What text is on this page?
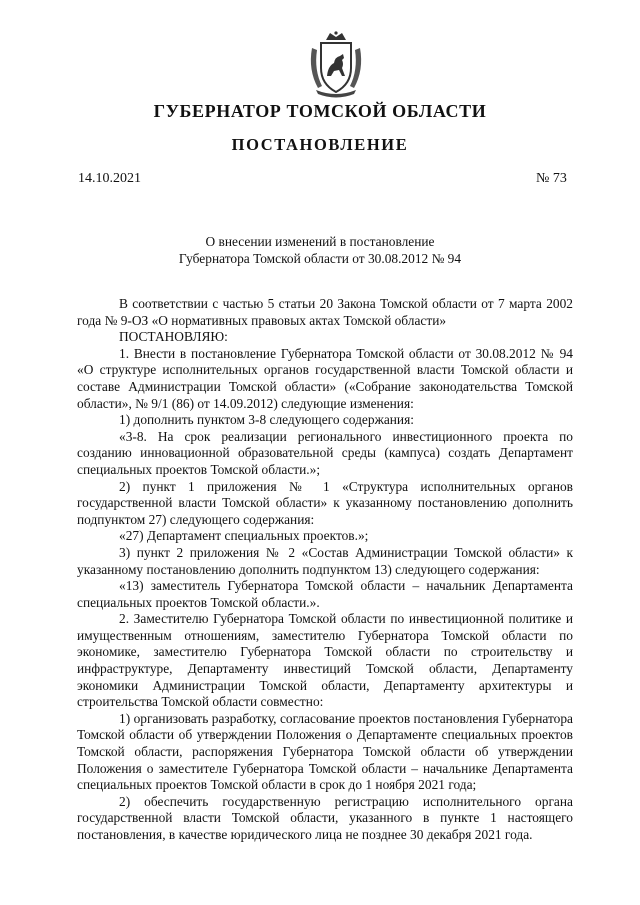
ГУБЕРНАТОР ТОМСКОЙ ОБЛАСТИ
ПОСТАНОВЛЕНИЕ
14.10.2021	№ 73
О внесении изменений в постановление
Губернатора Томской области от 30.08.2012 № 94

В соответствии с частью 5 статьи 20 Закона Томской области от 7 марта 2002 года № 9-ОЗ «О нормативных правовых актах Томской области»

ПОСТАНОВЛЯЮ:

1. Внести в постановление Губернатора Томской области от 30.08.2012 № 94 «О структуре исполнительных органов государственной власти Томской области и составе Администрации Томской области» («Собрание законодательства Томской области», № 9/1 (86) от 14.09.2012) следующие изменения:

1) дополнить пунктом 3-8 следующего содержания:

«3-8. На срок реализации регионального инвестиционного проекта по созданию инновационной образовательной среды (кампуса) создать Департамент специальных проектов Томской области.»;

2) пункт 1 приложения № 1 «Структура исполнительных органов государственной власти Томской области» к указанному постановлению дополнить подпунктом 27) следующего содержания:

«27) Департамент специальных проектов.»;

3) пункт 2 приложения № 2 «Состав Администрации Томской области» к указанному постановлению дополнить подпунктом 13) следующего содержания:

«13) заместитель Губернатора Томской области – начальник Департамента специальных проектов Томской области.».

2. Заместителю Губернатора Томской области по инвестиционной политике и имущественным отношениям, заместителю Губернатора Томской области по экономике, заместителю Губернатора Томской области по строительству и инфраструктуре, Департаменту инвестиций Томской области, Департаменту экономики Администрации Томской области, Департаменту архитектуры и строительства Томской области совместно:

1) организовать разработку, согласование проектов постановления Губернатора Томской области об утверждении Положения о Департаменте специальных проектов Томской области, распоряжения Губернатора Томской области об утверждении Положения о заместителе Губернатора Томской области – начальнике Департамента специальных проектов Томской области в срок до 1 ноября 2021 года;

2) обеспечить государственную регистрацию исполнительного органа государственной власти Томской области, указанного в пункте 1 настоящего постановления, в качестве юридического лица не позднее 30 декабря 2021 года.
